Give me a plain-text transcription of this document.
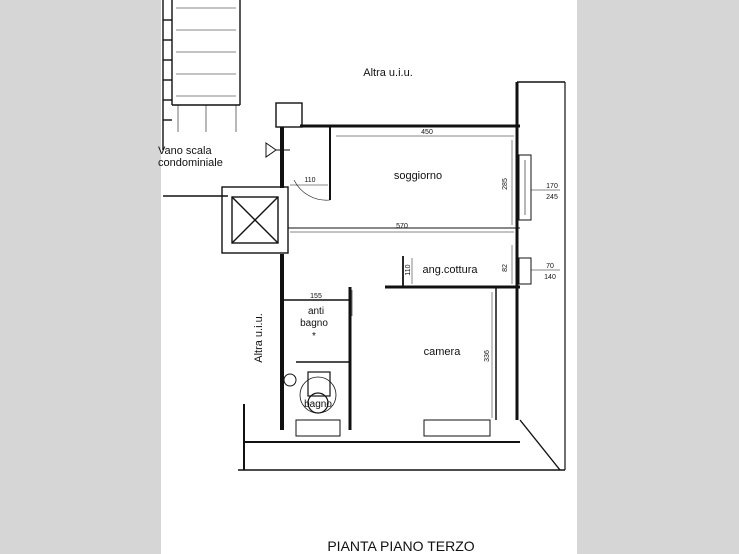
Altra u.i.u.
Vano scala
condominiale
soggiorno
ang.cottura
camera
anti
bagno
*
bagno
Altra u.i.u.
450
110	285	170
245
570
110	82	70
140
155
336
PIANTA PIANO TERZO
